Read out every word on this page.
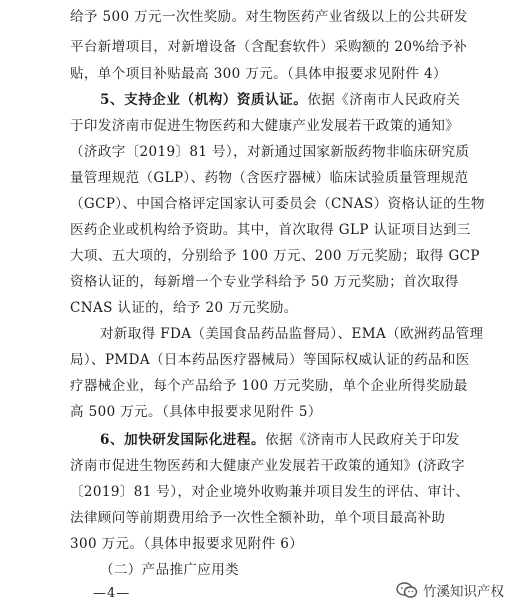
给予 500 万元一次性奖励。对生物医药产业省级以上的公共研发
平台新增项目，对新增设备（含配套软件）采购额的 20%给予补
贴，单个项目补贴最高 300 万元。（具体申报要求见附件 4）
5、支持企业（机构）资质认证。依据《济南市人民政府关
于印发济南市促进生物医药和大健康产业发展若干政策的通知》
（济政字〔2019〕81 号），对新通过国家新版药物非临床研究质
量管理规范（GLP）、药物（含医疗器械）临床试验质量管理规范
（GCP）、中国合格评定国家认可委员会（CNAS）资格认证的生物
医药企业或机构给予资助。其中，首次取得 GLP 认证项目达到三
大项、五大项的，分别给予 100 万元、200 万元奖励；取得 GCP
资格认证的，每新增一个专业学科给予 50 万元奖励；首次取得
CNAS 认证的，给予 20 万元奖励。
对新取得 FDA（美国食品药品监督局）、EMA（欧洲药品管理
局）、PMDA（日本药品医疗器械局）等国际权威认证的药品和医
疗器械企业，每个产品给予 100 万元奖励，单个企业所得奖励最
高 500 万元。（具体申报要求见附件 5）
6、加快研发国际化进程。依据《济南市人民政府关于印发
济南市促进生物医药和大健康产业发展若干政策的通知》(济政字
〔2019〕81 号），对企业境外收购兼并项目发生的评估、审计、
法律顾问等前期费用给予一次性全额补助，单个项目最高补助
300 万元。（具体申报要求见附件 6）
（二）产品推广应用类
—4—	竹溪知识产权
